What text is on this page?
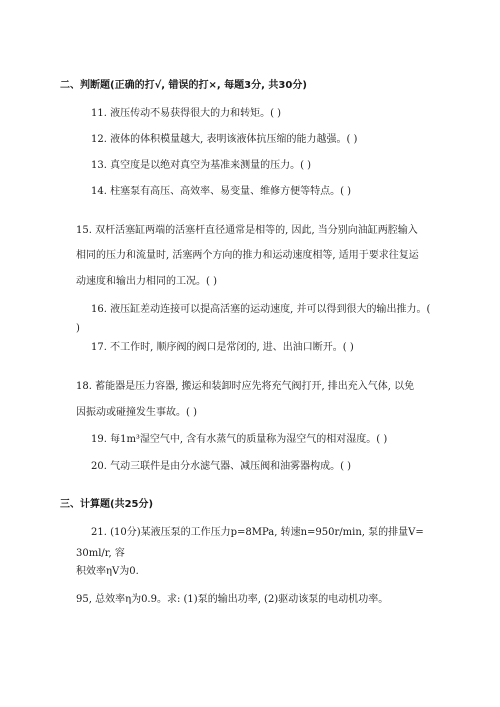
二、判断题(正确的打√, 错误的打×, 每题3分, 共30分)
11. 液压传动不易获得很大的力和转矩。( )
12. 液体的体积模量越大, 表明该液体抗压缩的能力越强。( )
13. 真空度是以绝对真空为基准来测量的压力。( )
14. 柱塞泵有高压、高效率、易变量、维修方便等特点。( )
15. 双杆活塞缸两端的活塞杆直径通常是相等的, 因此, 当分别向油缸两腔输入
相同的压力和流量时, 活塞两个方向的推力和运动速度相等, 适用于要求往复运
动速度和输出力相同的工况。( )
16. 液压缸差动连接可以提高活塞的运动速度, 并可以得到很大的输出推力。(
)
17. 不工作时, 顺序阀的阀口是常闭的, 进、出油口断开。( )
18. 蓄能器是压力容器, 搬运和装卸时应先将充气阀打开, 排出充入气体, 以免
因振动或碰撞发生事故。( )
19. 每1m³湿空气中, 含有水蒸气的质量称为湿空气的相对湿度。( )
20. 气动三联件是由分水滤气器、减压阀和油雾器构成。( )
三、计算题(共25分)
21. (10分)某液压泵的工作压力p=8MPa, 转速n=950r/min, 泵的排量V=
30ml/r, 容
积效率ηV为0.
95, 总效率η为0.9。求: (1)泵的输出功率, (2)驱动该泵的电动机功率。
